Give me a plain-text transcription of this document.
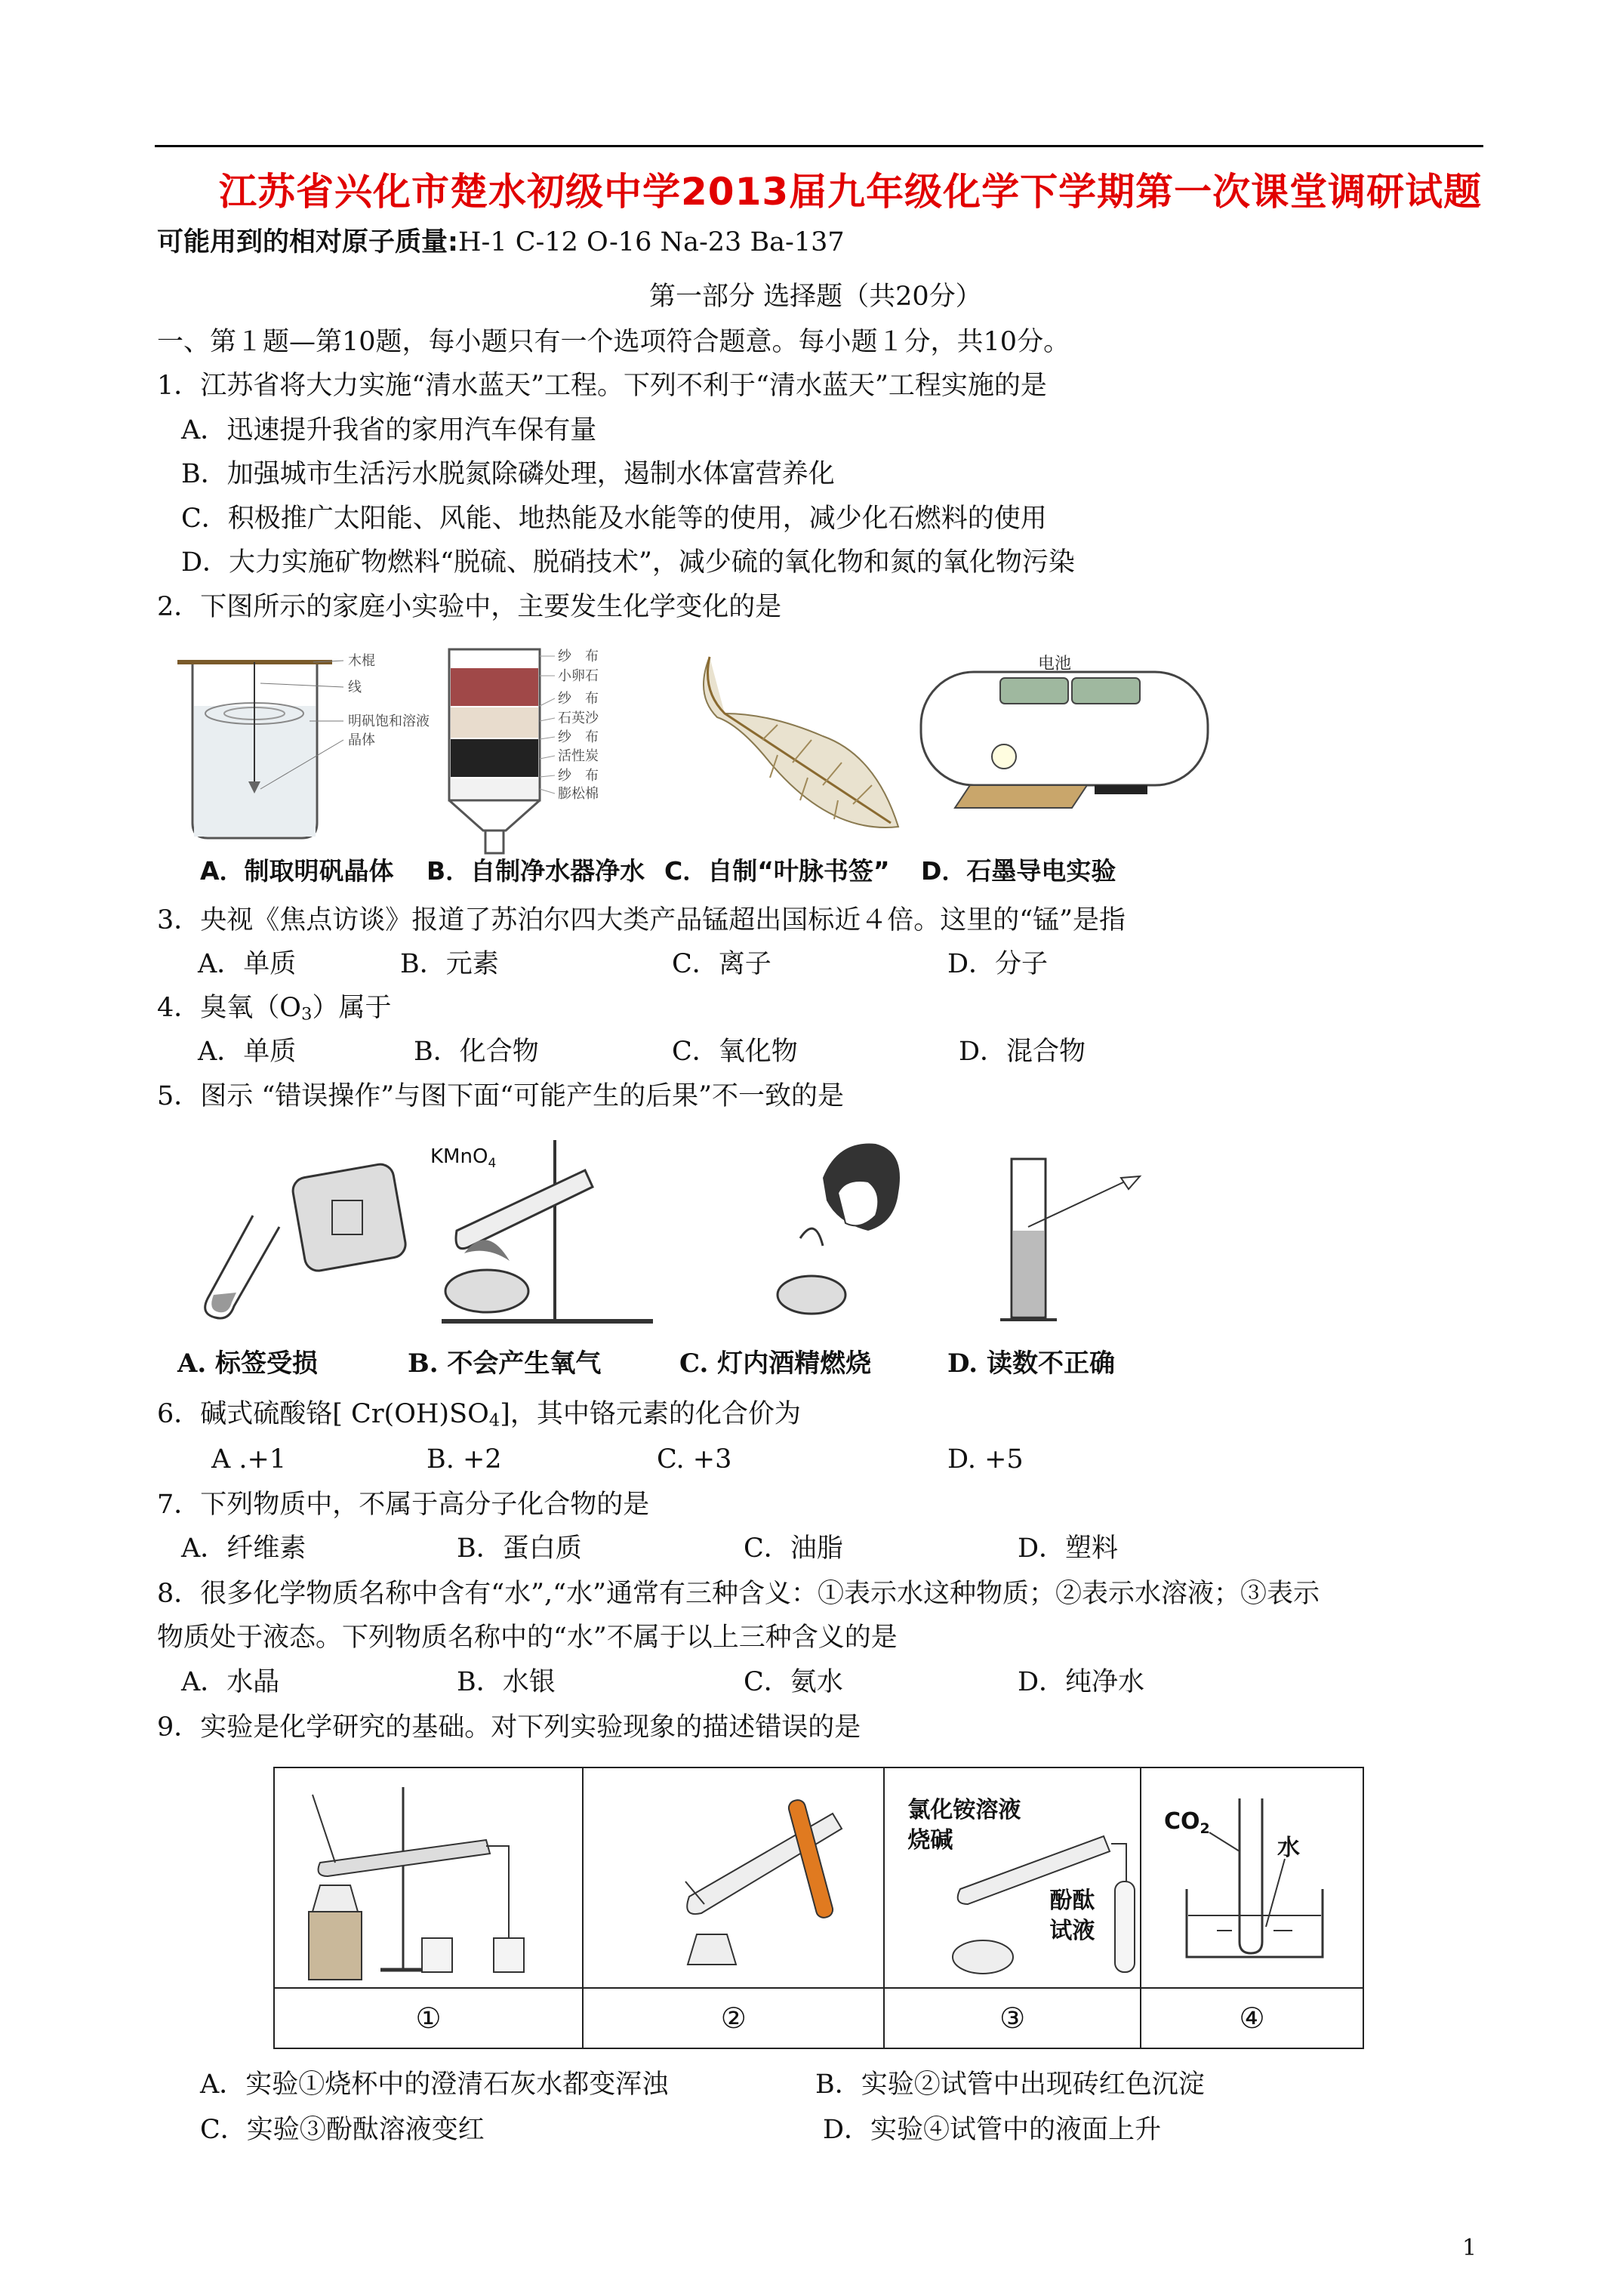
江苏省兴化市楚水初级中学2013届九年级化学下学期第一次课堂调研试题
可能用到的相对原子质量:H-1 C-12 O-16 Na-23 Ba-137
第一部分 选择题（共20分）
一、第１题—第10题，每小题只有一个选项符合题意。每小题１分，共10分。
1．江苏省将大力实施“清水蓝天”工程。下列不利于“清水蓝天”工程实施的是
A．迅速提升我省的家用汽车保有量
B．加强城市生活污水脱氮除磷处理，遏制水体富营养化
C．积极推广太阳能、风能、地热能及水能等的使用，减少化石燃料的使用
D．大力实施矿物燃料“脱硫、脱硝技术”，减少硫的氧化物和氮的氧化物污染
2．下图所示的家庭小实验中，主要发生化学变化的是
木棍
线
明矾饱和溶液
晶体
纱　布
小卵石
纱　布
石英沙
纱　布
活性炭
纱　布
膨松棉
电池
A．制取明矾晶体 B．自制净水器净水 C．自制“叶脉书签” D．石墨导电实验
3．央视《焦点访谈》报道了苏泊尔四大类产品锰超出国标近４倍。这里的“锰”是指
A．单质	B．元素	C．离子	D．分子
4．臭氧$(O_3)$属于
A．单质	B．化合物	C．氧化物	D．混合物
5．图示 “错误操作”与图下面“可能产生的后果”不一致的是
KMnO$_4$
A. 标签受损	B. 不会产生氧气	C. 灯内酒精燃烧	D. 读数不正确
6．碱式硫酸铬[ $Cr(OH)SO_4$]，其中铬元素的化合价为
A .+1	B. +2	C. +3	D. +5
7．下列物质中，不属于高分子化合物的是
A．纤维素	B．蛋白质	C．油脂	D．塑料
8．很多化学物质名称中含有“水”,“水”通常有三种含义：①表示水这种物质；②表示水溶液；③表示
物质处于液态。下列物质名称中的“水”不属于以上三种含义的是
A．水晶	B．水银	C．氨水	D．纯净水
9．实验是化学研究的基础。对下列实验现象的描述错误的是

氯化铵溶液
烧碱
酚酞
试液	$CO_2$
水

①	②	③	④
A．实验①烧杯中的澄清石灰水都变浑浊	B．实验②试管中出现砖红色沉淀
C．实验③酚酞溶液变红	D．实验④试管中的液面上升
1
